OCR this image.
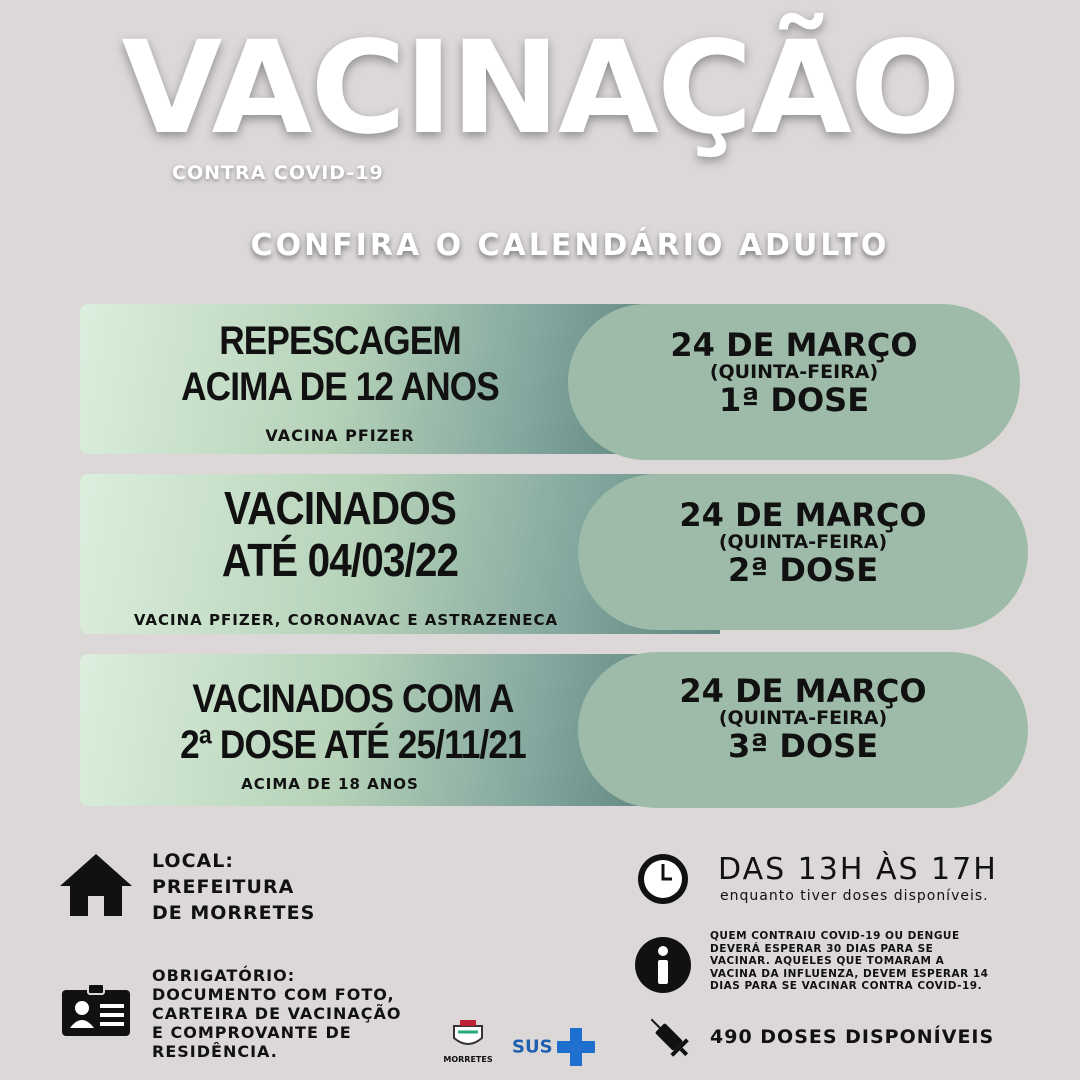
VACINAÇÃO
CONTRA COVID-19
CONFIRA O CALENDÁRIO ADULTO
REPESCAGEM
ACIMA DE 12 ANOS
VACINA PFIZER
24 DE MARÇO
(QUINTA-FEIRA)
1ª DOSE
VACINADOS
ATÉ 04/03/22
VACINA PFIZER, CORONAVAC E ASTRAZENECA
24 DE MARÇO
(QUINTA-FEIRA)
2ª DOSE
VACINADOS COM A
2ª DOSE ATÉ 25/11/21
ACIMA DE 18 ANOS
24 DE MARÇO
(QUINTA-FEIRA)
3ª DOSE
LOCAL:
PREFEITURA
DE MORRETES
OBRIGATÓRIO:
DOCUMENTO COM FOTO,
CARTEIRA DE VACINAÇÃO
E COMPROVANTE DE
RESIDÊNCIA.	MORRETES
SUS
DAS 13H ÀS 17H
enquanto tiver doses disponíveis.
QUEM CONTRAIU COVID-19 OU DENGUE
DEVERÁ ESPERAR 30 DIAS PARA SE
VACINAR. AQUELES QUE TOMARAM A
VACINA DA INFLUENZA, DEVEM ESPERAR 14
DIAS PARA SE VACINAR CONTRA COVID-19.
490 DOSES DISPONÍVEIS
